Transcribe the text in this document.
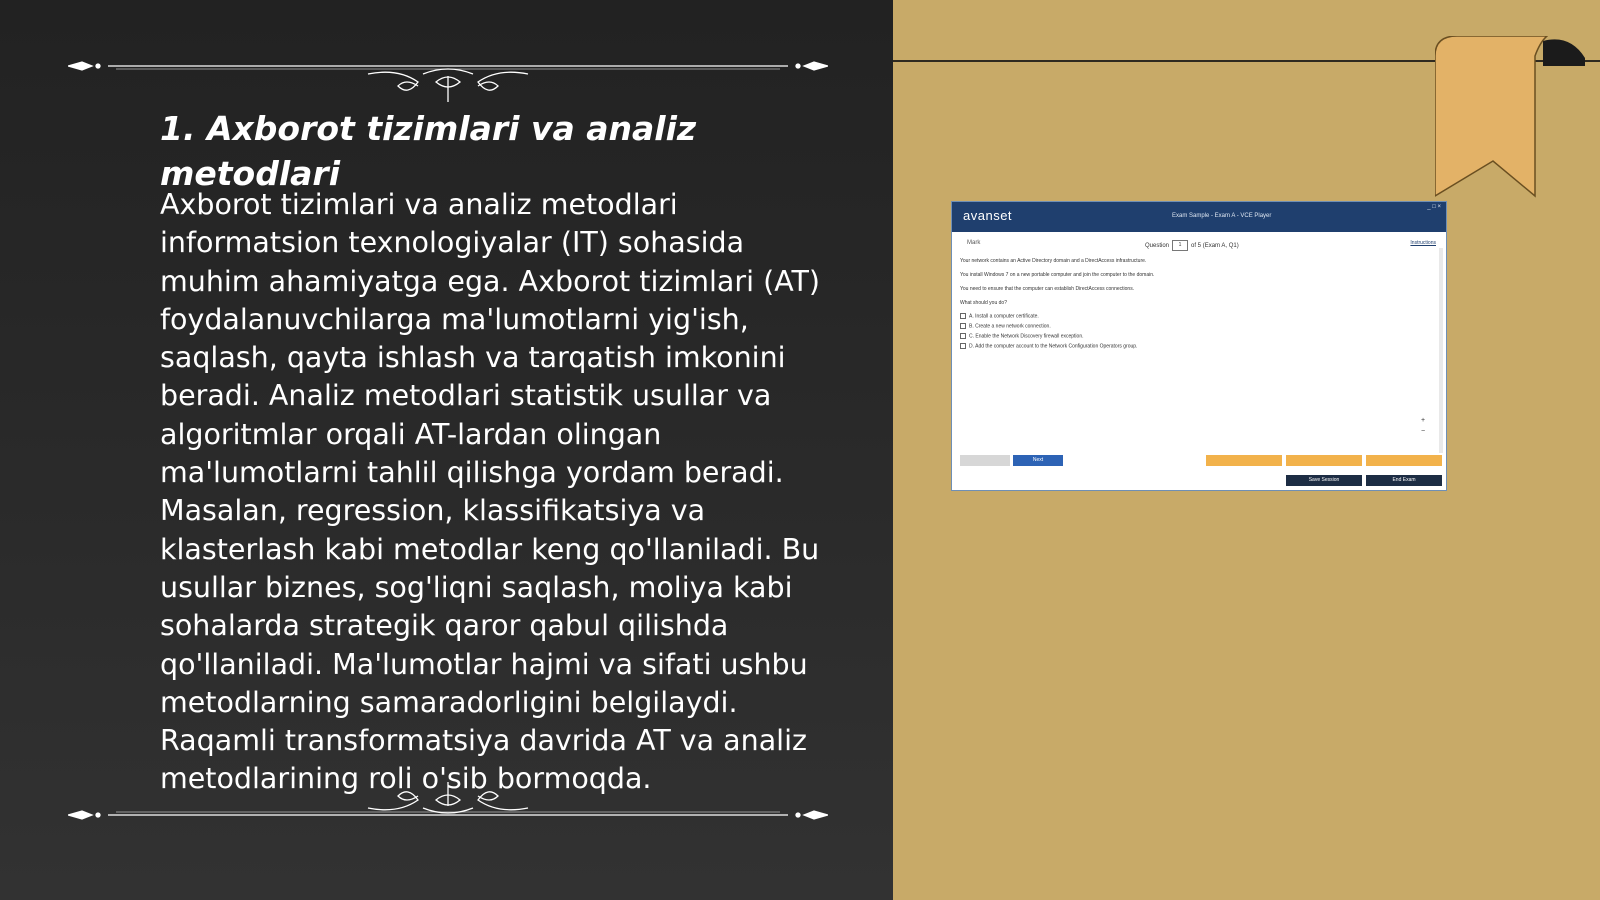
1. Axborot tizimlari va analiz metodlari

Axborot tizimlari va analiz metodlari informatsion texnologiyalar (IT) sohasida muhim ahamiyatga ega. Axborot tizimlari (AT) foydalanuvchilarga ma'lumotlarni yig'ish, saqlash, qayta ishlash va tarqatish imkonini beradi. Analiz metodlari statistik usullar va algoritmlar orqali AT-lardan olingan ma'lumotlarni tahlil qilishga yordam beradi. Masalan, regression, klassifikatsiya va klasterlash kabi metodlar keng qo'llaniladi. Bu usullar biznes, sog'liqni saqlash, moliya kabi sohalarda strategik qaror qabul qilishda qo'llaniladi. Ma'lumotlar hajmi va sifati ushbu metodlarning samaradorligini belgilaydi. Raqamli transformatsiya davrida AT va analiz metodlarining roli o'sib bormoqda.

avanset	Exam Sample - Exam A - VCE Player
_ □ ×
Mark	Question	1	of 5 (Exam A, Q1)	Instructions
Your network contains an Active Directory domain and a DirectAccess infrastructure.
You install Windows 7 on a new portable computer and join the computer to the domain.
You need to ensure that the computer can establish DirectAccess connections.
What should you do?
A. Install a computer certificate.
B. Create a new network connection.
C. Enable the Network Discovery firewall exception.
D. Add the computer account to the Network Configuration Operators group.
+
−
Next
Save Session	End Exam
